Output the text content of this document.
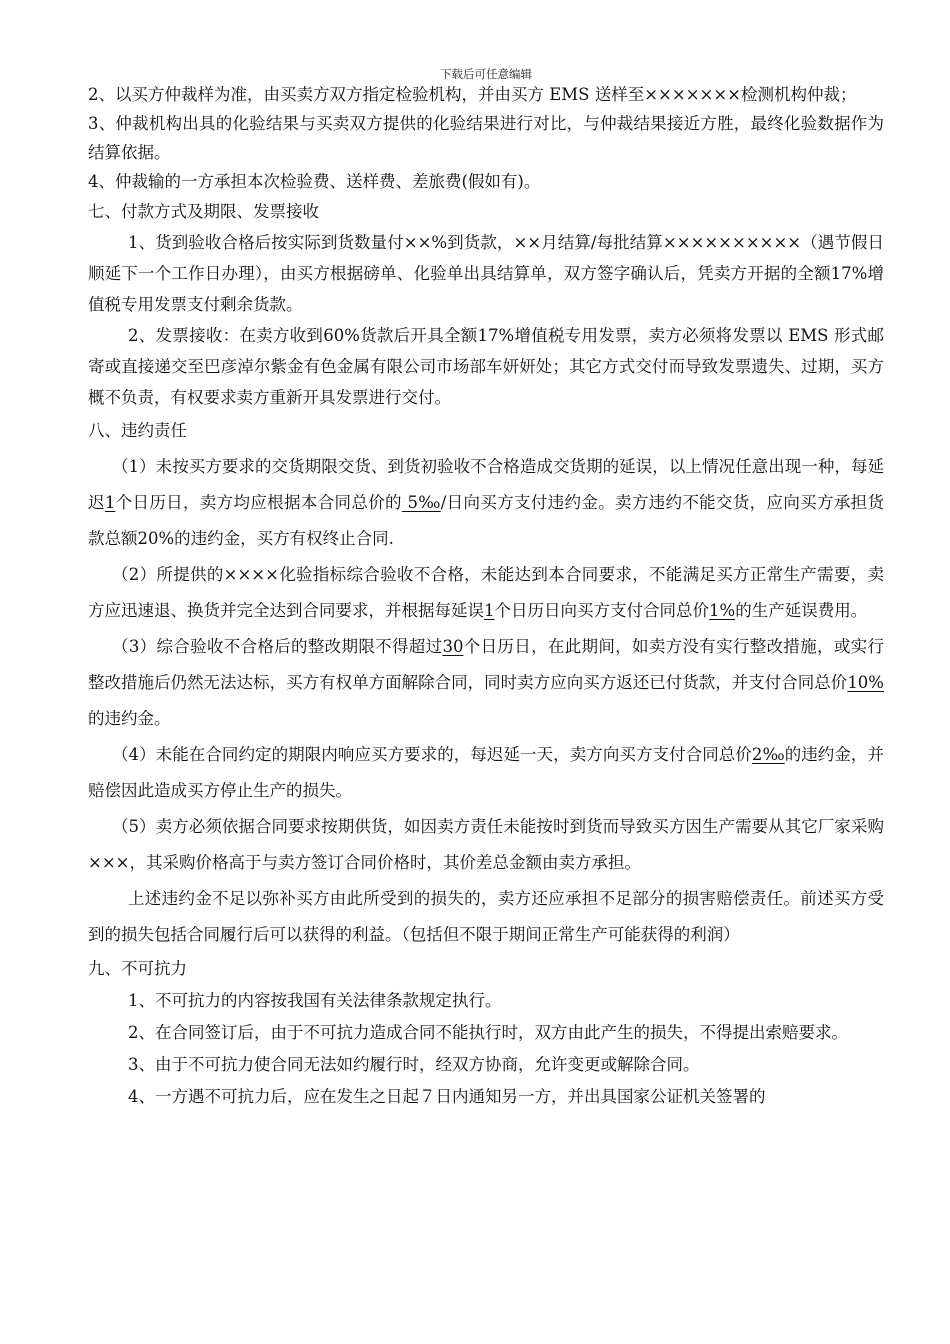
下载后可任意编辑

2、以买方仲裁样为准，由买卖方双方指定检验机构，并由买方 EMS 送样至×××××××检测机构仲裁；

3、仲裁机构出具的化验结果与买卖双方提供的化验结果进行对比，与仲裁结果接近方胜，最终化验数据作为结算依据。

4、仲裁输的一方承担本次检验费、送样费、差旅费(假如有)。

七、付款方式及期限、发票接收

1、货到验收合格后按实际到货数量付××%到货款，××月结算/每批结算××××××××××（遇节假日顺延下一个工作日办理），由买方根据磅单、化验单出具结算单，双方签字确认后，凭卖方开据的全额17%增值税专用发票支付剩余货款。

2、发票接收：在卖方收到60%货款后开具全额17%增值税专用发票，卖方必须将发票以 EMS 形式邮寄或直接递交至巴彦淖尔紫金有色金属有限公司市场部车妍妍处；其它方式交付而导致发票遗失、过期，买方概不负责，有权要求卖方重新开具发票进行交付。

八、违约责任

（1）未按买方要求的交货期限交货、到货初验收不合格造成交货期的延误，以上情况任意出现一种，每延迟1个日历日，卖方均应根据本合同总价的 5‰/日向买方支付违约金。卖方违约不能交货，应向买方承担货款总额20%的违约金，买方有权终止合同.

（2）所提供的××××化验指标综合验收不合格，未能达到本合同要求，不能满足买方正常生产需要，卖方应迅速退、换货并完全达到合同要求，并根据每延误1个日历日向买方支付合同总价1%的生产延误费用。

（3）综合验收不合格后的整改期限不得超过30个日历日，在此期间，如卖方没有实行整改措施，或实行整改措施后仍然无法达标，买方有权单方面解除合同，同时卖方应向买方返还已付货款，并支付合同总价10%的违约金。

（4）未能在合同约定的期限内响应买方要求的，每迟延一天，卖方向买方支付合同总价2‰的违约金，并赔偿因此造成买方停止生产的损失。

（5）卖方必须依据合同要求按期供货，如因卖方责任未能按时到货而导致买方因生产需要从其它厂家采购×××，其采购价格高于与卖方签订合同价格时，其价差总金额由卖方承担。

上述违约金不足以弥补买方由此所受到的损失的，卖方还应承担不足部分的损害赔偿责任。前述买方受到的损失包括合同履行后可以获得的利益。（包括但不限于期间正常生产可能获得的利润）

九、不可抗力

1、不可抗力的内容按我国有关法律条款规定执行。

2、在合同签订后，由于不可抗力造成合同不能执行时，双方由此产生的损失，不得提出索赔要求。

3、由于不可抗力使合同无法如约履行时，经双方协商，允许变更或解除合同。

4、一方遇不可抗力后，应在发生之日起７日内通知另一方，并出具国家公证机关签署的
